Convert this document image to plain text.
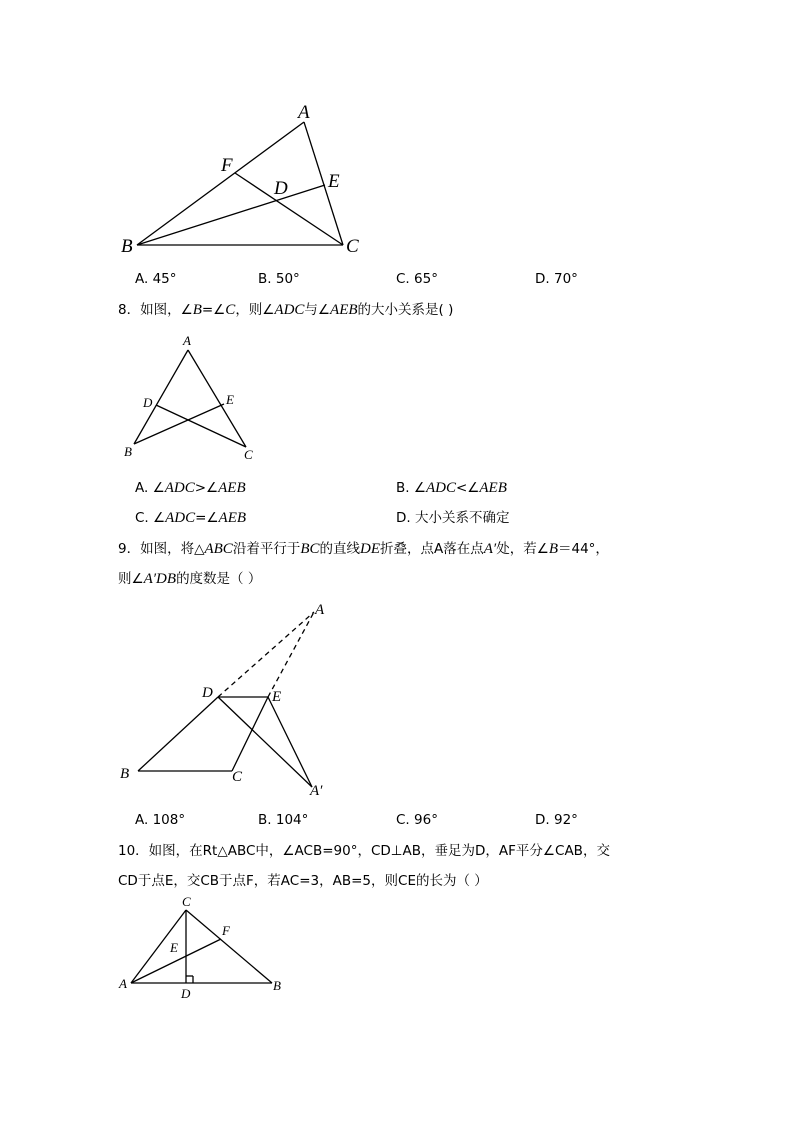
A
B	C
D E
F
A. 45°	B. 50°	C. 65°	D. 70°
8．如图，∠B=∠C，则∠ADC与∠AEB的大小关系是( )
A
B	C
D	E
A. ∠ADC>∠AEB	B. ∠ADC<∠AEB
C. ∠ADC=∠AEB	D. 大小关系不确定
9．如图，将△ABC沿着平行于BC的直线DE折叠，点A落在点A′处，若∠B＝44°，
则∠A′DB的度数是（ ）
A
B	C
D	E
A′
A. 108°	B. 104°	C. 96°	D. 92°
10．如图，在Rt△ABC中，∠ACB=90°，CD⊥AB，垂足为D，AF平分∠CAB，交
CD于点E，交CB于点F，若AC=3，AB=5，则CE的长为（ ）
A	B
C
D
E
F
